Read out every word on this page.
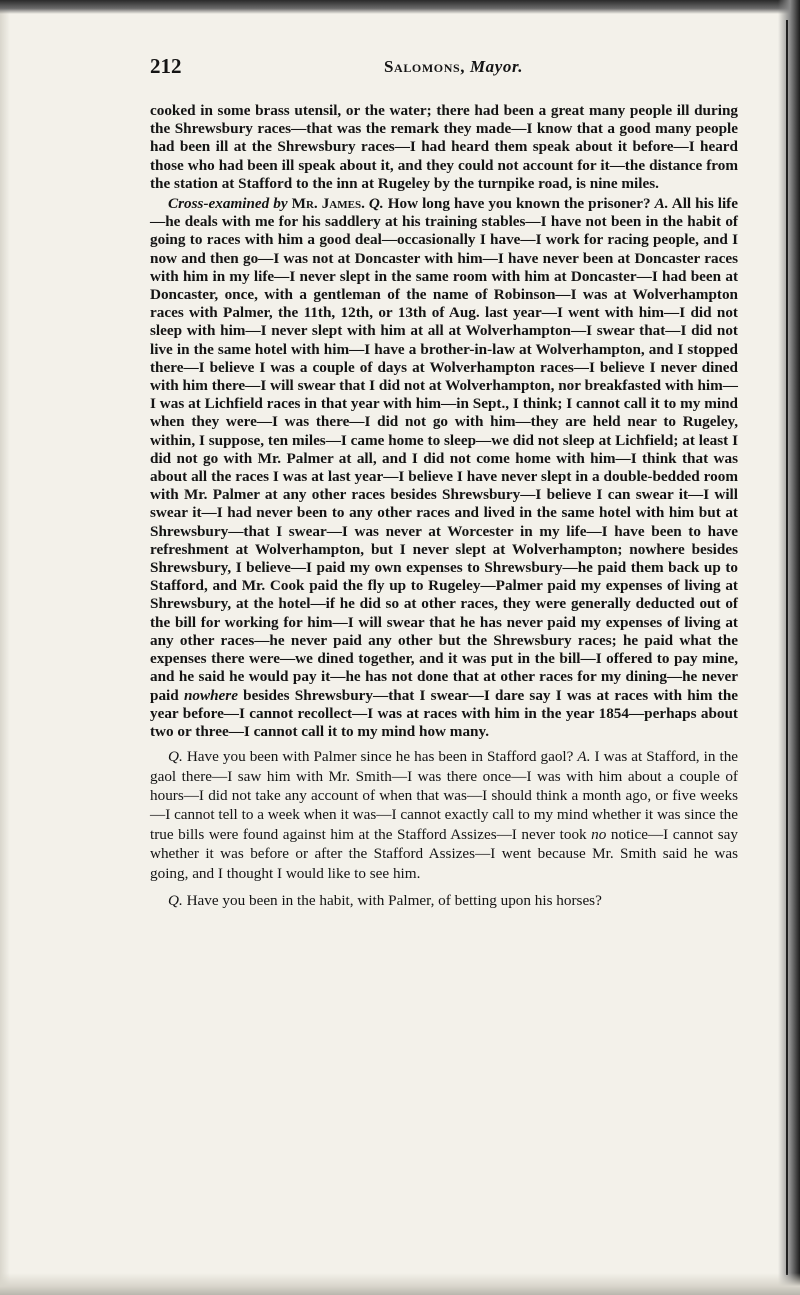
212	Salomons, Mayor.

cooked in some brass utensil, or the water; there had been a great many people ill during the Shrewsbury races—that was the remark they made—I know that a good many people had been ill at the Shrewsbury races—I had heard them speak about it before—I heard those who had been ill speak about it, and they could not account for it—the distance from the station at Stafford to the inn at Rugeley by the turnpike road, is nine miles.

Cross-examined by Mr. James. Q. How long have you known the prisoner? A. All his life—he deals with me for his saddlery at his training stables—I have not been in the habit of going to races with him a good deal—occasionally I have—I work for racing people, and I now and then go—I was not at Doncaster with him—I have never been at Doncaster races with him in my life—I never slept in the same room with him at Doncaster—I had been at Doncaster, once, with a gentleman of the name of Robinson—I was at Wolverhampton races with Palmer, the 11th, 12th, or 13th of Aug. last year—I went with him—I did not sleep with him—I never slept with him at all at Wolverhampton—I swear that—I did not live in the same hotel with him—I have a brother-in-law at Wolverhampton, and I stopped there—I believe I was a couple of days at Wolverhampton races—I believe I never dined with him there—I will swear that I did not at Wolverhampton, nor breakfasted with him—I was at Lichfield races in that year with him—in Sept., I think; I cannot call it to my mind when they were—I was there—I did not go with him—they are held near to Rugeley, within, I suppose, ten miles—I came home to sleep—we did not sleep at Lichfield; at least I did not go with Mr. Palmer at all, and I did not come home with him—I think that was about all the races I was at last year—I believe I have never slept in a double-bedded room with Mr. Palmer at any other races besides Shrewsbury—I believe I can swear it—I will swear it—I had never been to any other races and lived in the same hotel with him but at Shrewsbury—that I swear—I was never at Worcester in my life—I have been to have refreshment at Wolverhampton, but I never slept at Wolverhampton; nowhere besides Shrewsbury, I believe—I paid my own expenses to Shrewsbury—he paid them back up to Stafford, and Mr. Cook paid the fly up to Rugeley—Palmer paid my expenses of living at Shrewsbury, at the hotel—if he did so at other races, they were generally deducted out of the bill for working for him—I will swear that he has never paid my expenses of living at any other races—he never paid any other but the Shrewsbury races; he paid what the expenses there were—we dined together, and it was put in the bill—I offered to pay mine, and he said he would pay it—he has not done that at other races for my dining—he never paid nowhere besides Shrewsbury—that I swear—I dare say I was at races with him the year before—I cannot recollect—I was at races with him in the year 1854—perhaps about two or three—I cannot call it to my mind how many.

Q. Have you been with Palmer since he has been in Stafford gaol? A. I was at Stafford, in the gaol there—I saw him with Mr. Smith—I was there once—I was with him about a couple of hours—I did not take any account of when that was—I should think a month ago, or five weeks—I cannot tell to a week when it was—I cannot exactly call to my mind whether it was since the true bills were found against him at the Stafford Assizes—I never took no notice—I cannot say whether it was before or after the Stafford Assizes—I went because Mr. Smith said he was going, and I thought I would like to see him.

Q. Have you been in the habit, with Palmer, of betting upon his horses?
